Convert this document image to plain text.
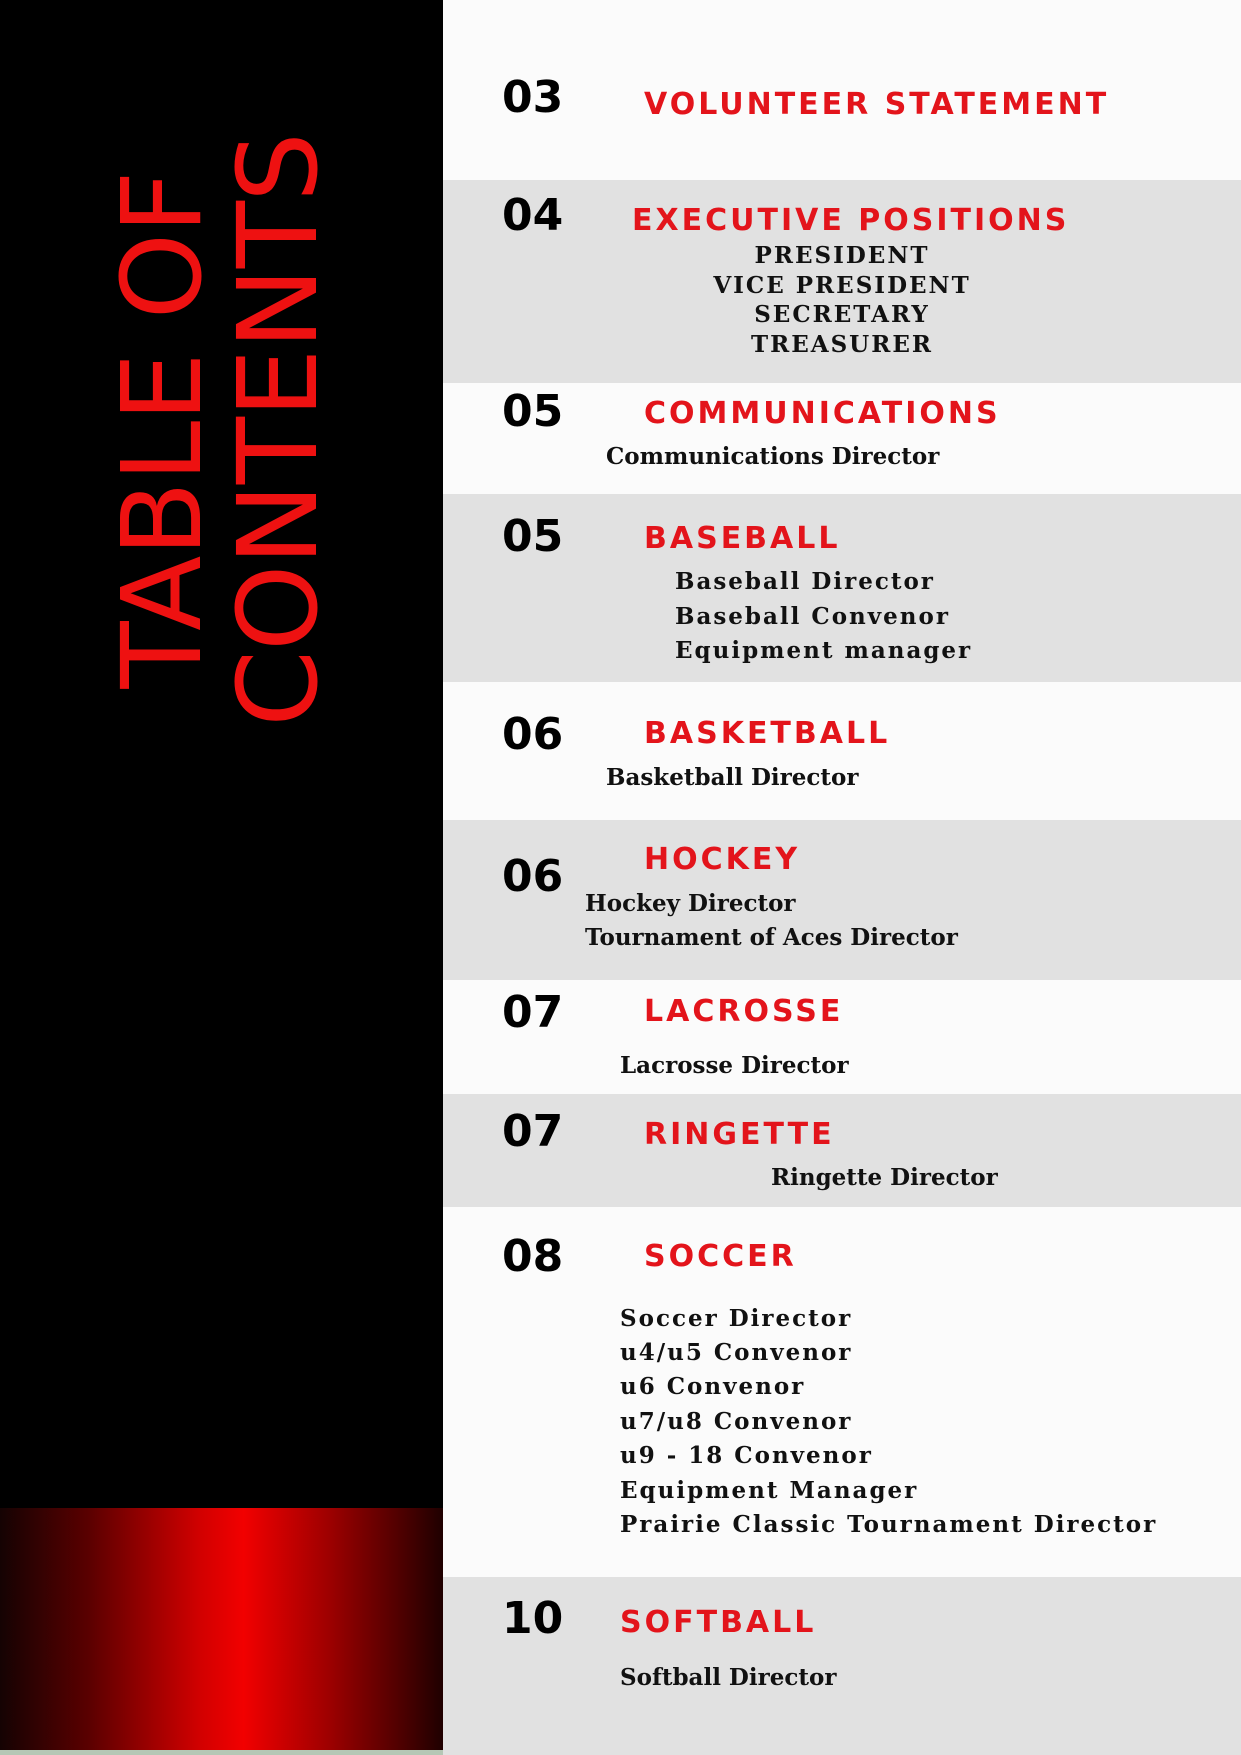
TABLE OF
CONTENTS
03	VOLUNTEER STATEMENT
04 EXECUTIVE POSITIONS
PRESIDENT
VICE PRESIDENT
SECRETARY
TREASURER
05	COMMUNICATIONS
Communications Director
05	BASEBALL
Baseball Director
Baseball Convenor
Equipment manager
06	BASKETBALL
Basketball Director
06	HOCKEY
Hockey Director
Tournament of Aces Director
07	LACROSSE
Lacrosse Director
07	RINGETTE
Ringette Director
08	SOCCER
Soccer Director
u4/u5 Convenor
u6 Convenor
u7/u8 Convenor
u9 - 18 Convenor
Equipment Manager
Prairie Classic Tournament Director
10 SOFTBALL
Softball Director
